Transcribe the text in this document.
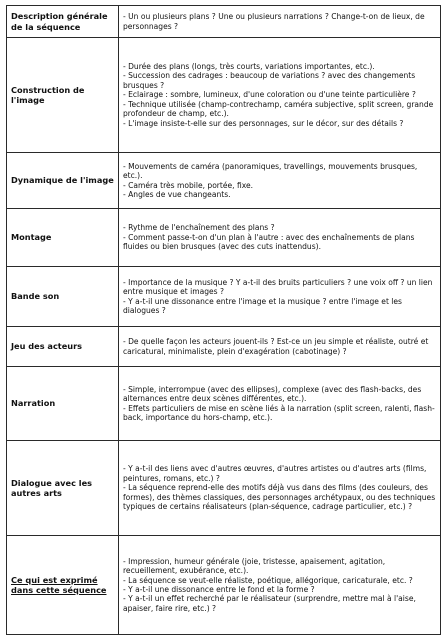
Description générale de la séquence	- Un ou plusieurs plans ? Une ou plusieurs narrations ? Change-t-on de lieux, de personnages ?

Construction de l'image	- Durée des plans (longs, très courts, variations importantes, etc.).
- Succession des cadrages : beaucoup de variations ? avec des changements brusques ?
- Eclairage : sombre, lumineux, d'une coloration ou d'une teinte particulière ?
- Technique utilisée (champ-contrechamp, caméra subjective, split screen, grande profondeur de champ, etc.).
- L'image insiste-t-elle sur des personnages, sur le décor, sur des détails ?

Dynamique de l'image	- Mouvements de caméra (panoramiques, travellings, mouvements brusques, etc.).
- Caméra très mobile, portée, fixe.
- Angles de vue changeants.

Montage	- Rythme de l'enchaînement des plans ?
- Comment passe-t-on d'un plan à l'autre : avec des enchaînements de plans fluides ou bien brusques (avec des cuts inattendus).

Bande son	- Importance de la musique ? Y a-t-il des bruits particuliers ? une voix off ? un lien entre musique et images ?
- Y a-t-il une dissonance entre l'image et la musique ? entre l'image et les dialogues ?

Jeu des acteurs	- De quelle façon les acteurs jouent-ils ? Est-ce un jeu simple et réaliste, outré et caricatural, minimaliste, plein d'exagération (cabotinage) ?

Narration	- Simple, interrompue (avec des ellipses), complexe (avec des flash-backs, des alternances entre deux scènes différentes, etc.).
- Effets particuliers de mise en scène liés à la narration (split screen, ralenti, flash-back, importance du hors-champ, etc.).

Dialogue avec les autres arts	- Y a-t-il des liens avec d'autres œuvres, d'autres artistes ou d'autres arts (films, peintures, romans, etc.) ?
- La séquence reprend-elle des motifs déjà vus dans des films (des couleurs, des formes), des thèmes classiques, des personnages archétypaux, ou des techniques typiques de certains réalisateurs (plan-séquence, cadrage particulier, etc.) ?

Ce qui est exprimé dans cette séquence	- Impression, humeur générale (joie, tristesse, apaisement, agitation, recueillement, exubérance, etc.).
- La séquence se veut-elle réaliste, poétique, allégorique, caricaturale, etc. ?
- Y a-t-il une dissonance entre le fond et la forme ?
- Y a-t-il un effet recherché par le réalisateur (surprendre, mettre mal à l'aise, apaiser, faire rire, etc.) ?
